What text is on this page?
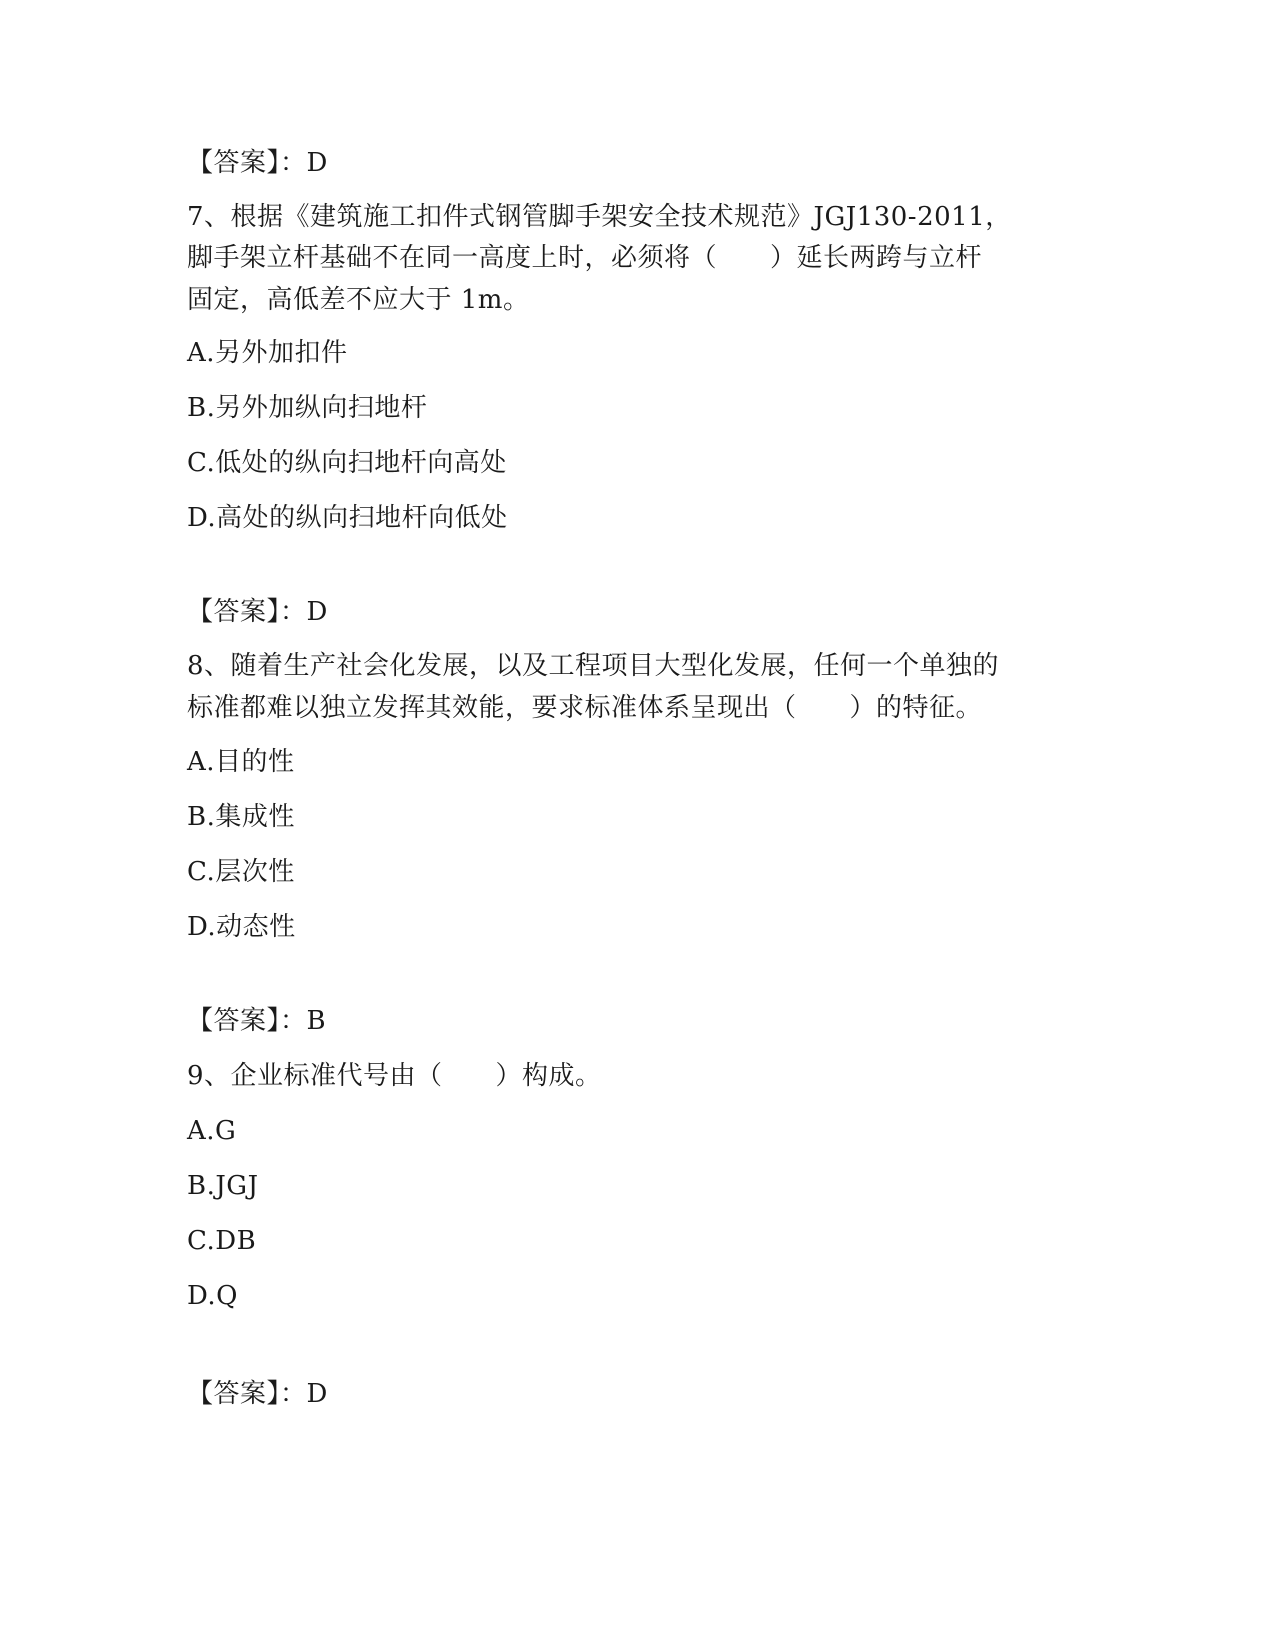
【答案】：D
7、根据《建筑施工扣件式钢管脚手架安全技术规范》JGJ130-2011，
脚手架立杆基础不在同一高度上时，必须将（　　）延长两跨与立杆
固定，高低差不应大于 1m。
A.另外加扣件
B.另外加纵向扫地杆
C.低处的纵向扫地杆向高处
D.高处的纵向扫地杆向低处
【答案】：D
8、随着生产社会化发展，以及工程项目大型化发展，任何一个单独的
标准都难以独立发挥其效能，要求标准体系呈现出（　　）的特征。
A.目的性
B.集成性
C.层次性
D.动态性
【答案】：B
9、企业标准代号由（　　）构成。
A.G
B.JGJ
C.DB
D.Q
【答案】：D
